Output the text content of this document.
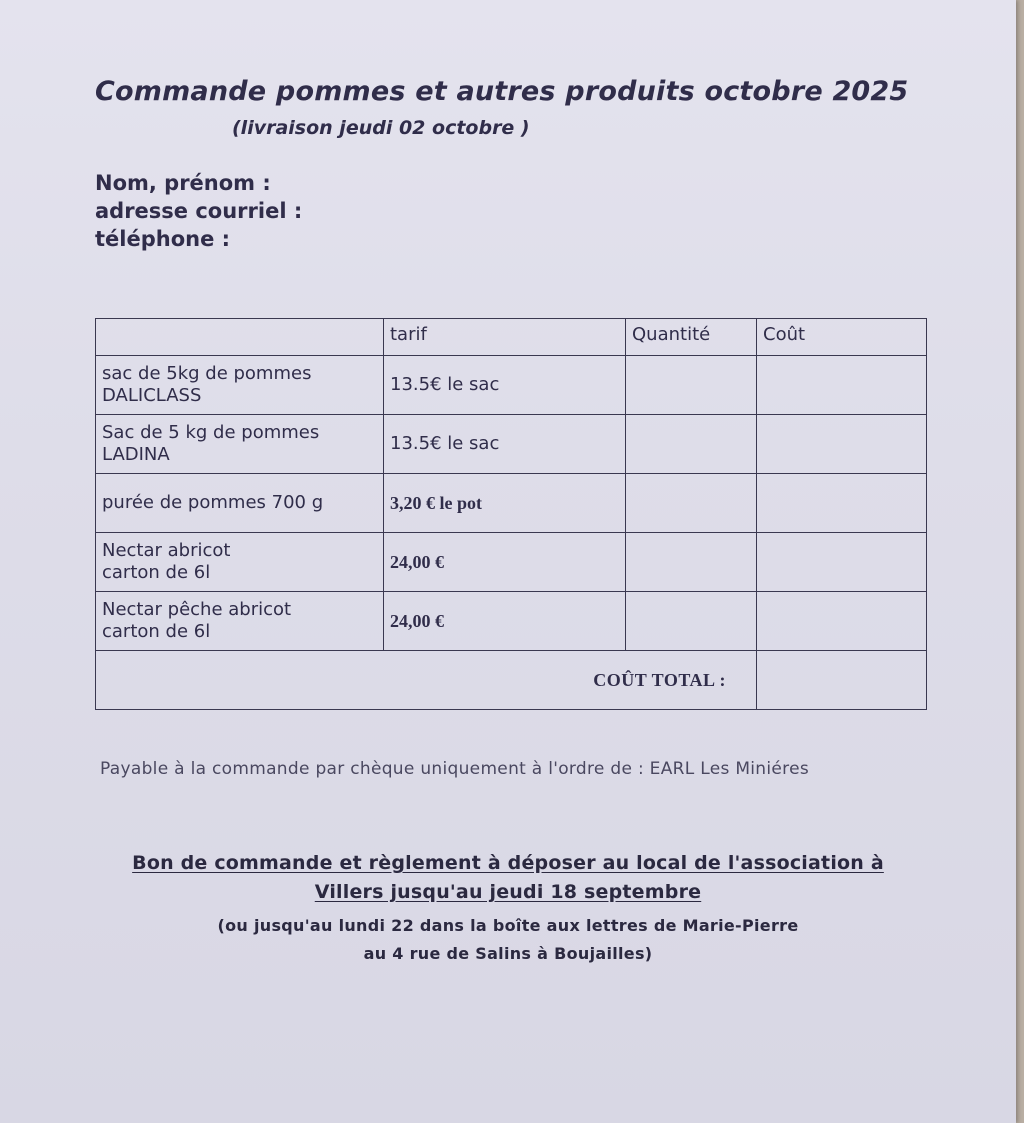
Commande pommes et autres produits octobre 2025
(livraison jeudi 02 octobre )
Nom, prénom :
adresse courriel :
téléphone :
	tarif	Quantité	Coût
sac de 5kg de pommes DALICLASS	13.5€ le sac		
Sac de 5 kg de pommes LADINA	13.5€ le sac		
purée de pommes 700 g	3,20 € le pot		
Nectar abricot carton de 6l	24,00 €		
Nectar pêche abricot carton de 6l	24,00 €		
COÛT TOTAL :			
Payable à la commande par chèque uniquement à l'ordre de : EARL Les Miniéres
Bon de commande et règlement à déposer au local de l'association à
Villers jusqu'au jeudi 18 septembre
(ou jusqu'au lundi 22 dans la boîte aux lettres de Marie-Pierre
au 4 rue de Salins à Boujailles)
